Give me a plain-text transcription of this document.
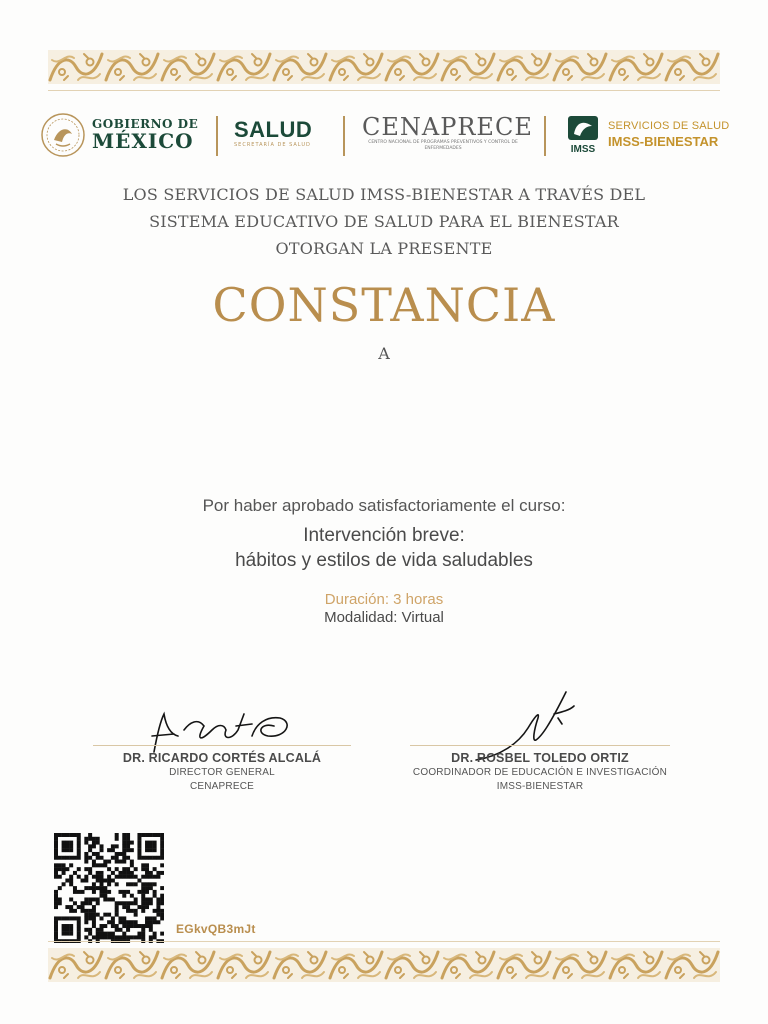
GOBIERNO DE
MÉXICO	SALUD
SECRETARÍA DE SALUD
CENAPRECE
CENTRO NACIONAL DE PROGRAMAS PREVENTIVOS Y CONTROL DE ENFERMEDADES	IMSS
SERVICIOS DE SALUD
IMSS-BIENESTAR
LOS SERVICIOS DE SALUD IMSS-BIENESTAR A TRAVÉS DEL
SISTEMA EDUCATIVO DE SALUD PARA EL BIENESTAR
OTORGAN LA PRESENTE
CONSTANCIA
A
Por haber aprobado satisfactoriamente el curso:
Intervención breve:
hábitos y estilos de vida saludables
Duración: 3 horas
Modalidad: Virtual
DR. RICARDO CORTÉS ALCALÁ
DIRECTOR GENERAL
CENAPRECE
DR. ROSBEL TOLEDO ORTIZ
COORDINADOR DE EDUCACIÓN E INVESTIGACIÓN
IMSS-BIENESTAR
EGkvQB3mJt
